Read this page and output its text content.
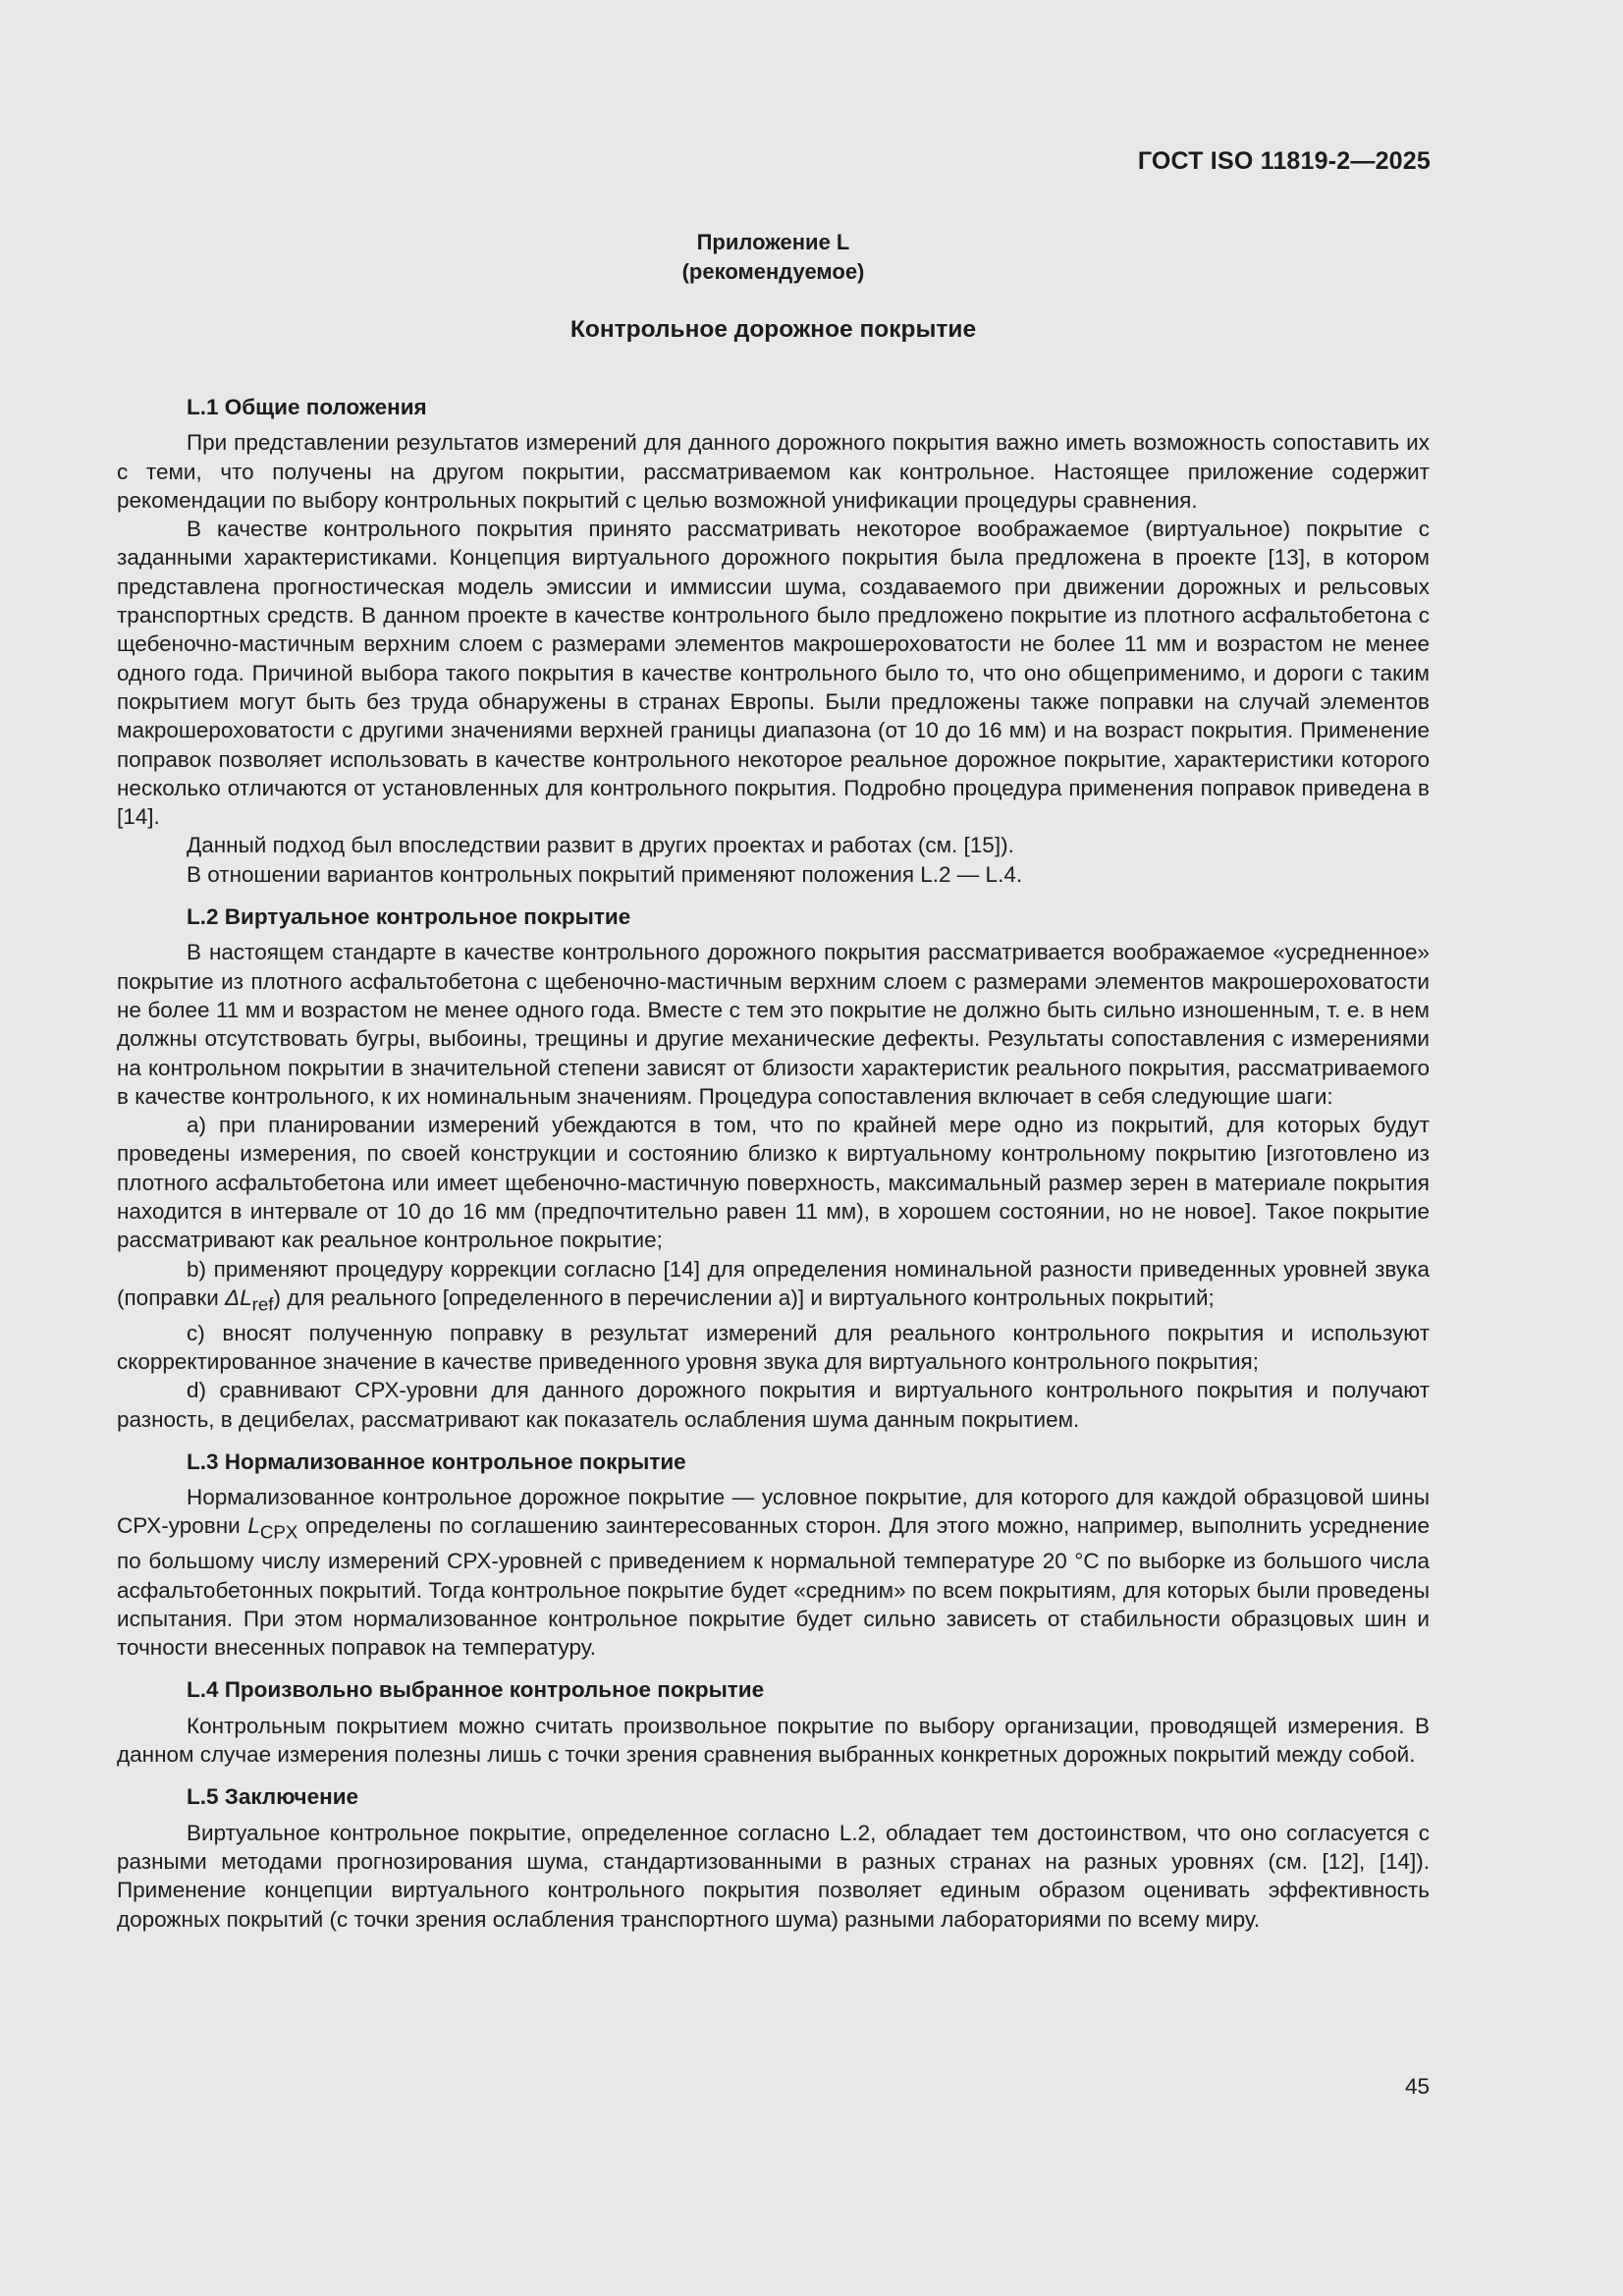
ГОСТ ISO 11819-2—2025
Приложение L
(рекомендуемое)
Контрольное дорожное покрытие
L.1 Общие положения

При представлении результатов измерений для данного дорожного покрытия важно иметь возможность сопоставить их с теми, что получены на другом покрытии, рассматриваемом как контрольное. Настоящее приложение содержит рекомендации по выбору контрольных покрытий с целью возможной унификации процедуры сравнения.

В качестве контрольного покрытия принято рассматривать некоторое воображаемое (виртуальное) покрытие с заданными характеристиками. Концепция виртуального дорожного покрытия была предложена в проекте [13], в котором представлена прогностическая модель эмиссии и иммиссии шума, создаваемого при движении дорожных и рельсовых транспортных средств. В данном проекте в качестве контрольного было предложено покрытие из плотного асфальтобетона с щебеночно-мастичным верхним слоем с размерами элементов макрошероховатости не более 11 мм и возрастом не менее одного года. Причиной выбора такого покрытия в качестве контрольного было то, что оно общеприменимо, и дороги с таким покрытием могут быть без труда обнаружены в странах Европы. Были предложены также поправки на случай элементов макрошероховатости с другими значениями верхней границы диапазона (от 10 до 16 мм) и на возраст покрытия. Применение поправок позволяет использовать в качестве контрольного некоторое реальное дорожное покрытие, характеристики которого несколько отличаются от установленных для контрольного покрытия. Подробно процедура применения поправок приведена в [14].

Данный подход был впоследствии развит в других проектах и работах (см. [15]).

В отношении вариантов контрольных покрытий применяют положения L.2 — L.4.

L.2 Виртуальное контрольное покрытие

В настоящем стандарте в качестве контрольного дорожного покрытия рассматривается воображаемое «усредненное» покрытие из плотного асфальтобетона с щебеночно-мастичным верхним слоем с размерами элементов макрошероховатости не более 11 мм и возрастом не менее одного года. Вместе с тем это покрытие не должно быть сильно изношенным, т. е. в нем должны отсутствовать бугры, выбоины, трещины и другие механические дефекты. Результаты сопоставления с измерениями на контрольном покрытии в значительной степени зависят от близости характеристик реального покрытия, рассматриваемого в качестве контрольного, к их номинальным значениям. Процедура сопоставления включает в себя следующие шаги:

а) при планировании измерений убеждаются в том, что по крайней мере одно из покрытий, для которых будут проведены измерения, по своей конструкции и состоянию близко к виртуальному контрольному покрытию [изготовлено из плотного асфальтобетона или имеет щебеночно-мастичную поверхность, максимальный размер зерен в материале покрытия находится в интервале от 10 до 16 мм (предпочтительно равен 11 мм), в хорошем состоянии, но не новое]. Такое покрытие рассматривают как реальное контрольное покрытие;

b) применяют процедуру коррекции согласно [14] для определения номинальной разности приведенных уровней звука (поправки $\Delta L_{ref}$) для реального [определенного в перечислении а)] и виртуального контрольных покрытий;

с) вносят полученную поправку в результат измерений для реального контрольного покрытия и используют скорректированное значение в качестве приведенного уровня звука для виртуального контрольного покрытия;

d) сравнивают СРХ-уровни для данного дорожного покрытия и виртуального контрольного покрытия и получают разность, в децибелах, рассматривают как показатель ослабления шума данным покрытием.

L.3 Нормализованное контрольное покрытие

Нормализованное контрольное дорожное покрытие — условное покрытие, для которого для каждой образцовой шины СРХ-уровни $L_{CPX}$ определены по соглашению заинтересованных сторон. Для этого можно, например, выполнить усреднение по большому числу измерений СРХ-уровней с приведением к нормальной температуре 20 °С по выборке из большого числа асфальтобетонных покрытий. Тогда контрольное покрытие будет «средним» по всем покрытиям, для которых были проведены испытания. При этом нормализованное контрольное покрытие будет сильно зависеть от стабильности образцовых шин и точности внесенных поправок на температуру.

L.4 Произвольно выбранное контрольное покрытие

Контрольным покрытием можно считать произвольное покрытие по выбору организации, проводящей измерения. В данном случае измерения полезны лишь с точки зрения сравнения выбранных конкретных дорожных покрытий между собой.

L.5 Заключение

Виртуальное контрольное покрытие, определенное согласно L.2, обладает тем достоинством, что оно согласуется с разными методами прогнозирования шума, стандартизованными в разных странах на разных уровнях (см. [12], [14]). Применение концепции виртуального контрольного покрытия позволяет единым образом оценивать эффективность дорожных покрытий (с точки зрения ослабления транспортного шума) разными лабораториями по всему миру.

45
